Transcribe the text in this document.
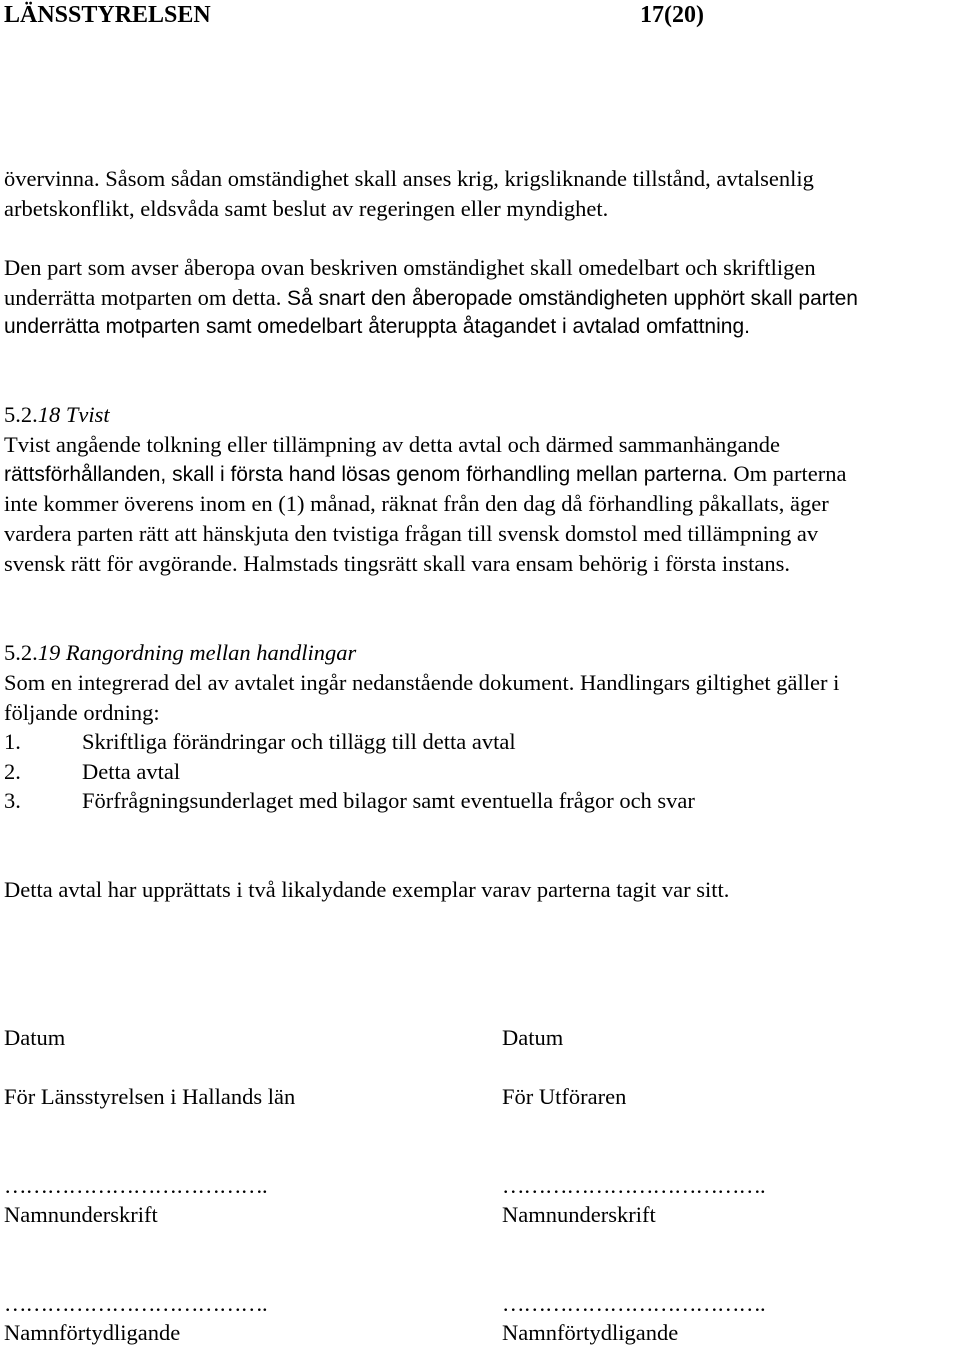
LÄNSSTYRELSEN	17(20)
övervinna. Såsom sådan omständighet skall anses krig, krigsliknande tillstånd, avtalsenlig
arbetskonflikt, eldsvåda samt beslut av regeringen eller myndighet.
Den part som avser åberopa ovan beskriven omständighet skall omedelbart och skriftligen
underrätta motparten om detta. Så snart den åberopade omständigheten upphört skall parten
underrätta motparten samt omedelbart återuppta åtagandet i avtalad omfattning.
5.2.18 Tvist
Tvist angående tolkning eller tillämpning av detta avtal och därmed sammanhängande
rättsförhållanden, skall i första hand lösas genom förhandling mellan parterna. Om parterna
inte kommer överens inom en (1) månad, räknat från den dag då förhandling påkallats, äger
vardera parten rätt att hänskjuta den tvistiga frågan till svensk domstol med tillämpning av
svensk rätt för avgörande. Halmstads tingsrätt skall vara ensam behörig i första instans.
5.2.19 Rangordning mellan handlingar
Som en integrerad del av avtalet ingår nedanstående dokument. Handlingars giltighet gäller i
följande ordning:
1.	Skriftliga förändringar och tillägg till detta avtal
2.	Detta avtal
3.	Förfrågningsunderlaget med bilagor samt eventuella frågor och svar
Detta avtal har upprättats i två likalydande exemplar varav parterna tagit var sitt.
Datum	Datum
För Länsstyrelsen i Hallands län	För Utföraren
……………………………….	……………………………….
Namnunderskrift	Namnunderskrift
……………………………….	……………………………….
Namnförtydligande	Namnförtydligande
